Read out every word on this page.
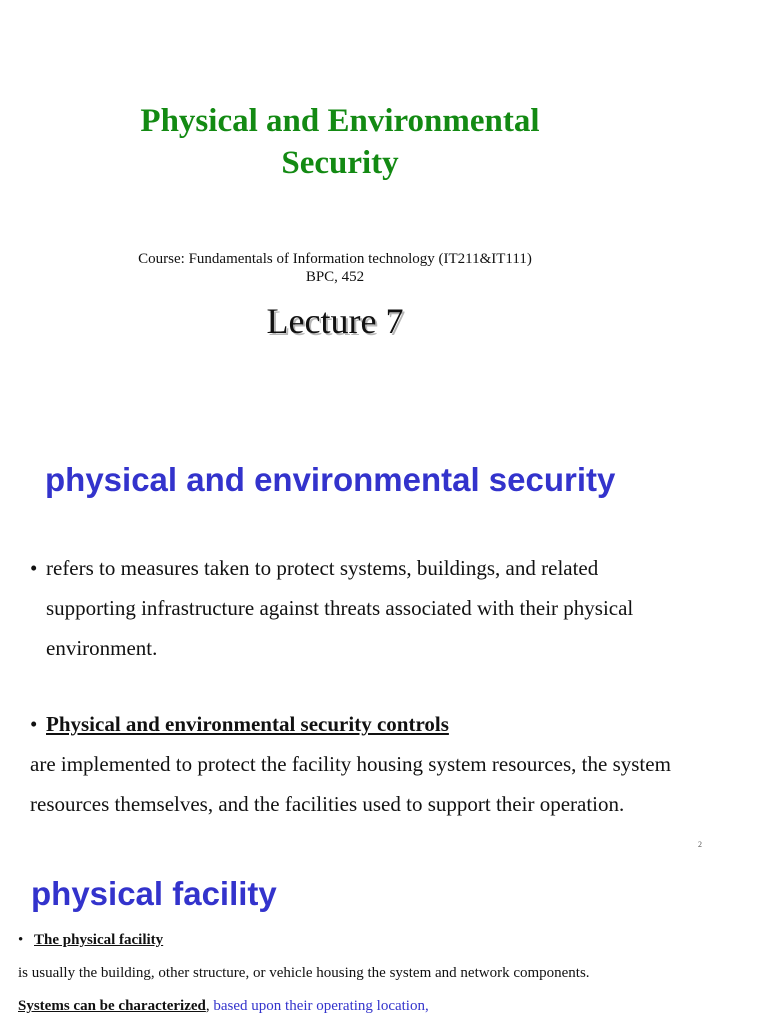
Physical and Environmental
Security
Course: Fundamentals of Information technology (IT211&IT111)
BPC, 452
Lecture 7
physical and environmental security
• refers to measures taken to protect systems, buildings, and related
supporting infrastructure against threats associated with their physical
environment.
• Physical and environmental security controls
are implemented to protect the facility housing system resources, the system
resources themselves, and the facilities used to support their operation.
2
physical facility
• The physical facility
is usually the building, other structure, or vehicle housing the system and network components.
Systems can be characterized, based upon their operating location,
